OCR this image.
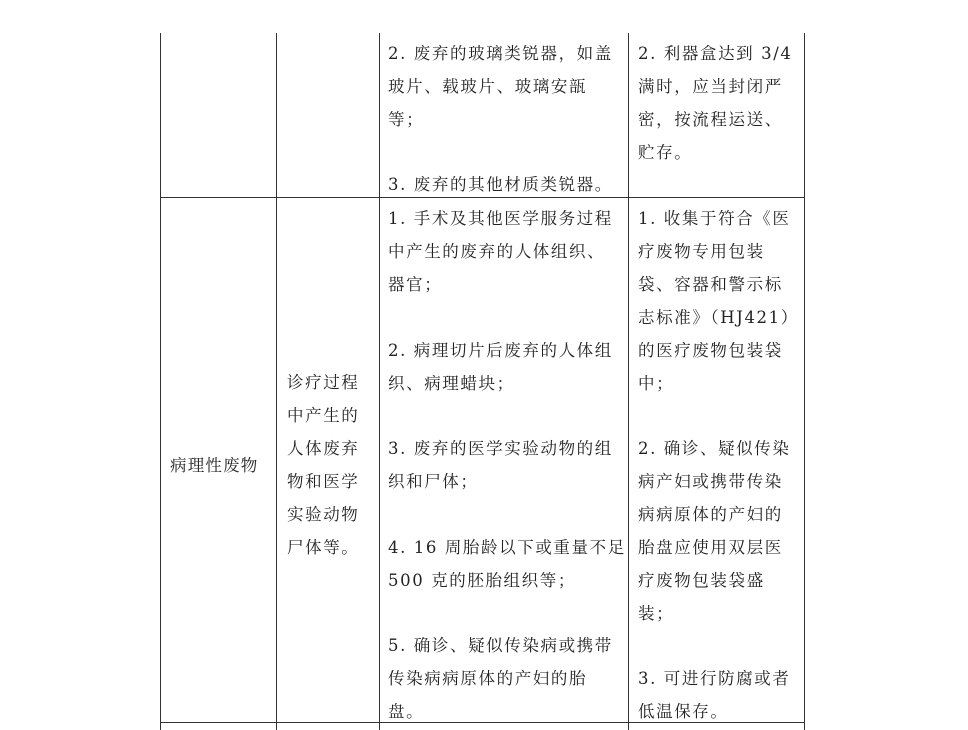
2. 废弃的玻璃类锐器，如盖
玻片、载玻片、玻璃安瓿
等；
3. 废弃的其他材质类锐器。
2. 利器盒达到 3/4
满时，应当封闭严
密，按流程运送、
贮存。
病理性废物
诊疗过程
中产生的
人体废弃
物和医学
实验动物
尸体等。
1. 手术及其他医学服务过程
中产生的废弃的人体组织、
器官；
2. 病理切片后废弃的人体组
织、病理蜡块；
3. 废弃的医学实验动物的组
织和尸体；
4. 16 周胎龄以下或重量不足
500 克的胚胎组织等；
5. 确诊、疑似传染病或携带
传染病病原体的产妇的胎
盘。
1. 收集于符合《医
疗废物专用包装
袋、容器和警示标
志标准》（HJ421）
的医疗废物包装袋
中；
2. 确诊、疑似传染
病产妇或携带传染
病病原体的产妇的
胎盘应使用双层医
疗废物包装袋盛
装；
3. 可进行防腐或者
低温保存。
